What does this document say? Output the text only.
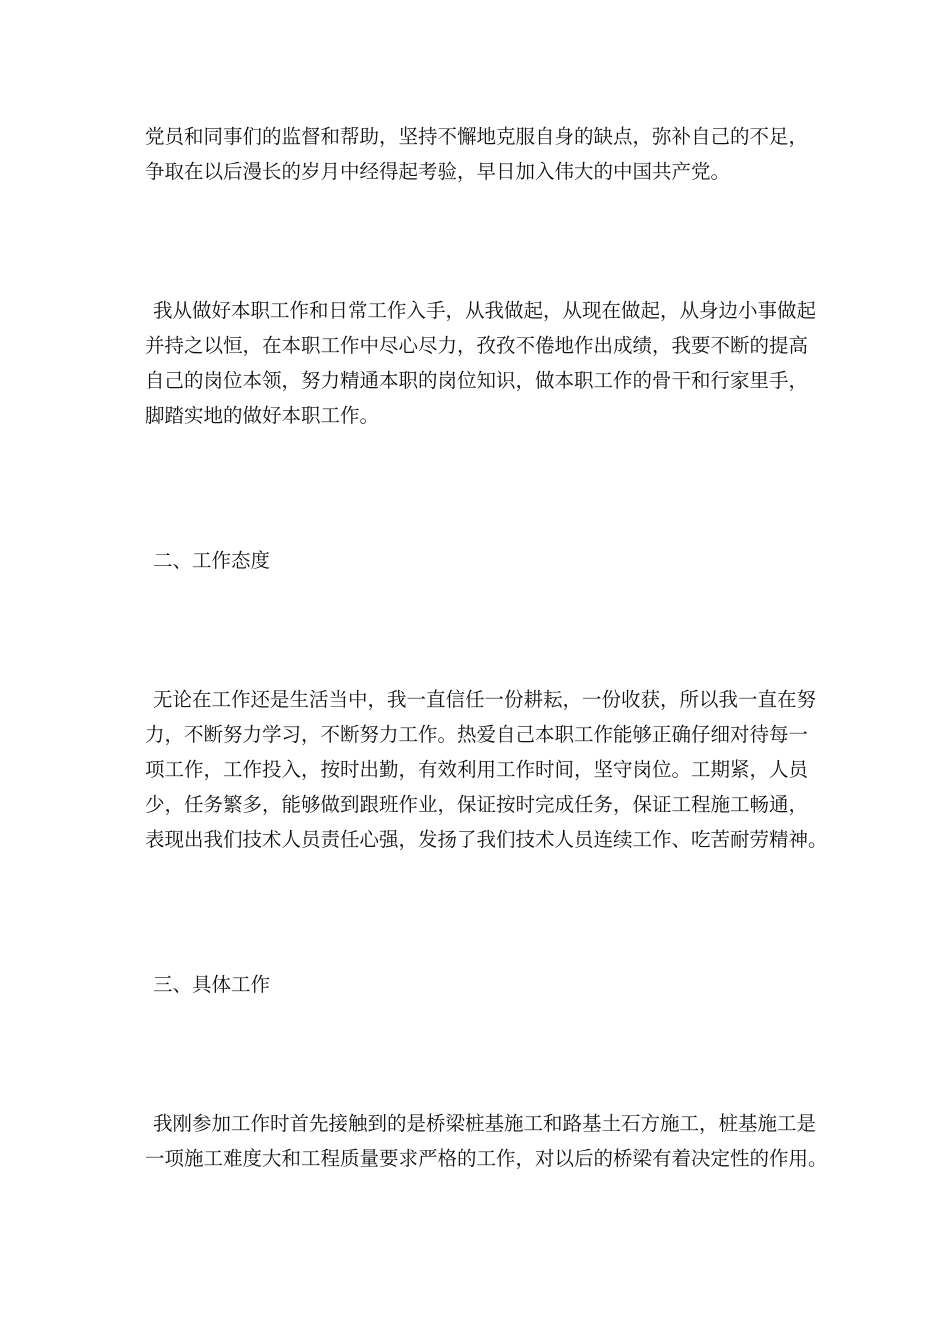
党员和同事们的监督和帮助，坚持不懈地克服自身的缺点，弥补自己的不足，
争取在以后漫长的岁月中经得起考验，早日加入伟大的中国共产党。
我从做好本职工作和日常工作入手，从我做起，从现在做起，从身边小事做起
并持之以恒，在本职工作中尽心尽力，孜孜不倦地作出成绩，我要不断的提高
自己的岗位本领，努力精通本职的岗位知识，做本职工作的骨干和行家里手，
脚踏实地的做好本职工作。
二、工作态度
无论在工作还是生活当中，我一直信任一份耕耘，一份收获，所以我一直在努
力，不断努力学习，不断努力工作。热爱自己本职工作能够正确仔细对待每一
项工作，工作投入，按时出勤，有效利用工作时间，坚守岗位。工期紧，人员
少，任务繁多，能够做到跟班作业，保证按时完成任务，保证工程施工畅通，
表现出我们技术人员责任心强，发扬了我们技术人员连续工作、吃苦耐劳精神。
三、具体工作
我刚参加工作时首先接触到的是桥梁桩基施工和路基土石方施工，桩基施工是
一项施工难度大和工程质量要求严格的工作，对以后的桥梁有着决定性的作用。
